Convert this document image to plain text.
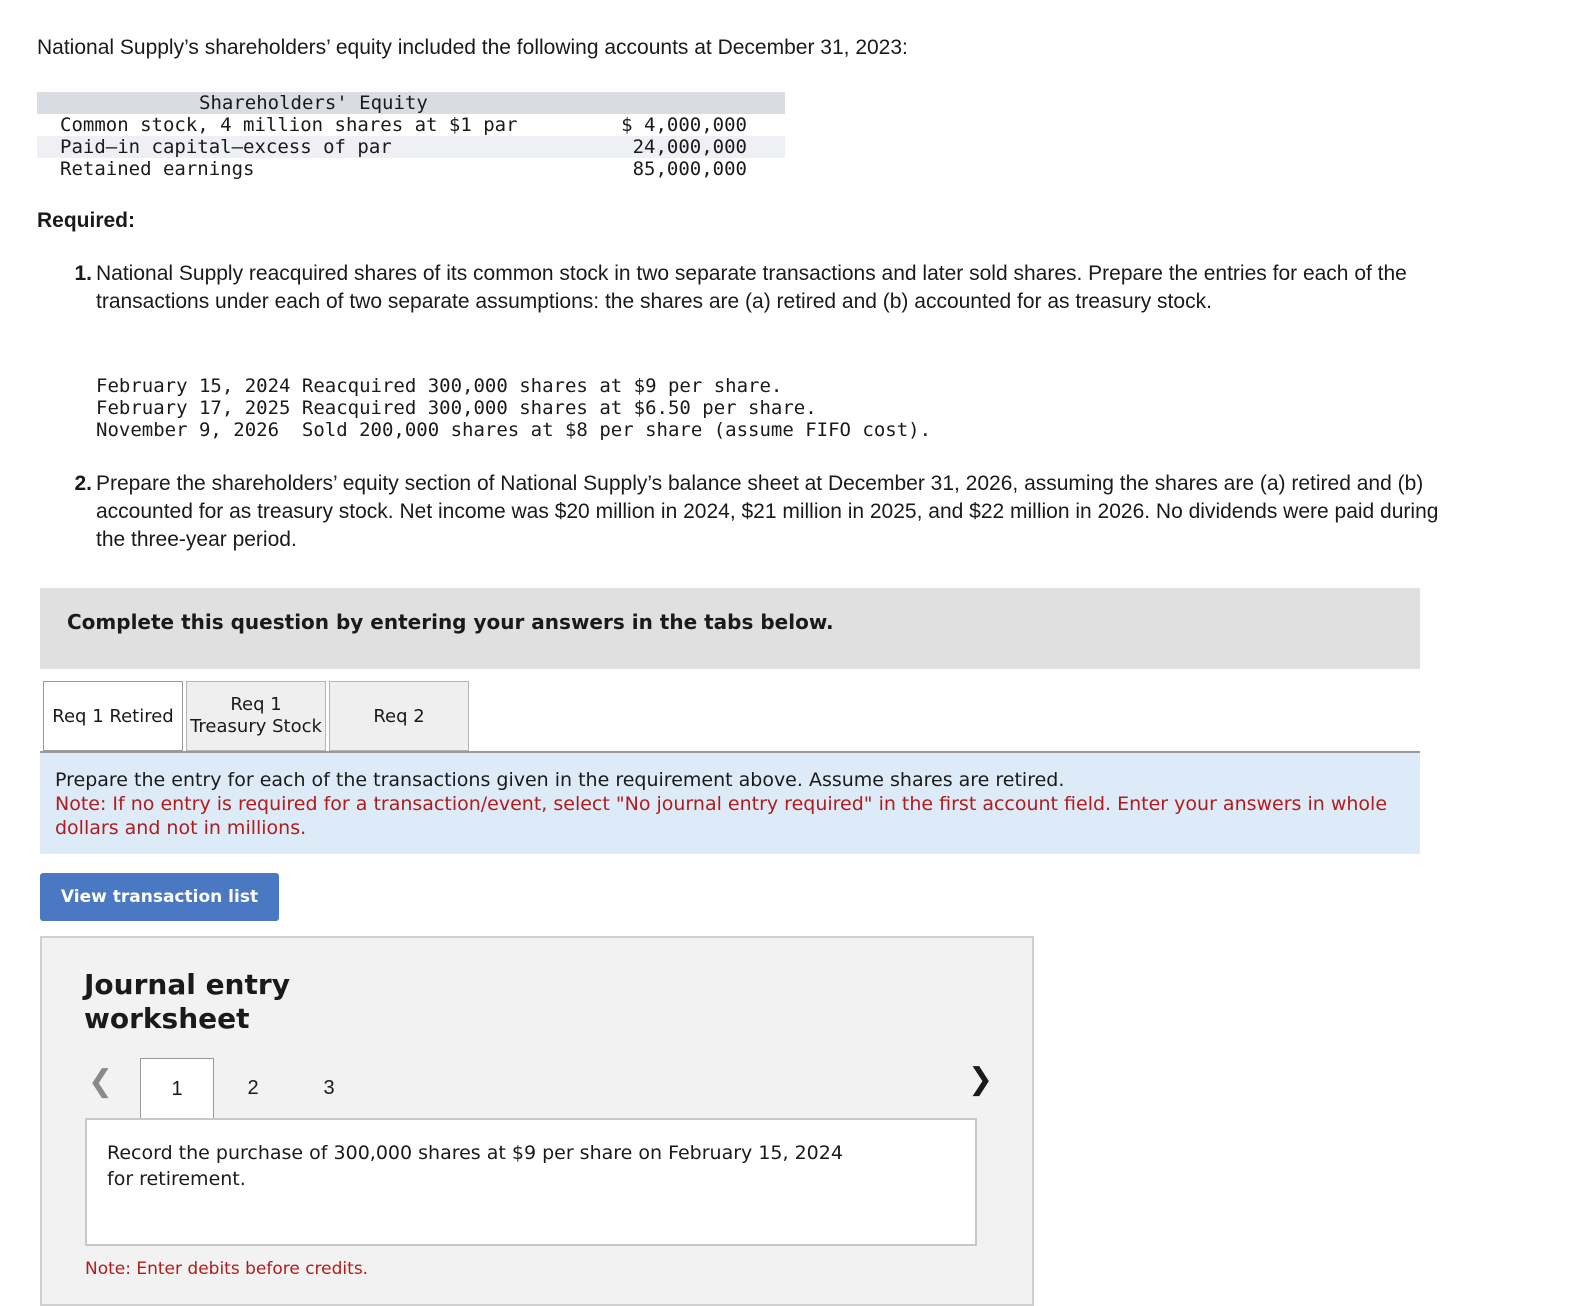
National Supply’s shareholders’ equity included the following accounts at December 31, 2023:
Shareholders' Equity
Common stock, 4 million shares at $1 par	$ 4,000,000
Paid–in capital–excess of par	24,000,000
Retained earnings	85,000,000
Required:
1. National Supply reacquired shares of its common stock in two separate transactions and later sold shares. Prepare the entries for each of the transactions under each of two separate assumptions: the shares are (a) retired and (b) accounted for as treasury stock.
February 15, 2024 Reacquired 300,000 shares at $9 per share.
February 17, 2025 Reacquired 300,000 shares at $6.50 per share.
November 9, 2026  Sold 200,000 shares at $8 per share (assume FIFO cost).
2. Prepare the shareholders’ equity section of National Supply’s balance sheet at December 31, 2026, assuming the shares are (a) retired and (b) accounted for as treasury stock. Net income was $20 million in 2024, $21 million in 2025, and $22 million in 2026. No dividends were paid during the three-year period.
Complete this question by entering your answers in the tabs below.
Req 1 Retired
Req 1
Treasury Stock	Req 2
Prepare the entry for each of the transactions given in the requirement above. Assume shares are retired.
Note: If no entry is required for a transaction/event, select "No journal entry required" in the first account field. Enter your answers in whole dollars and not in millions.
View transaction list
Journal entry worksheet
❮	1	2	3	❯
Record the purchase of 300,000 shares at $9 per share on February 15, 2024 for retirement.
Note: Enter debits before credits.
